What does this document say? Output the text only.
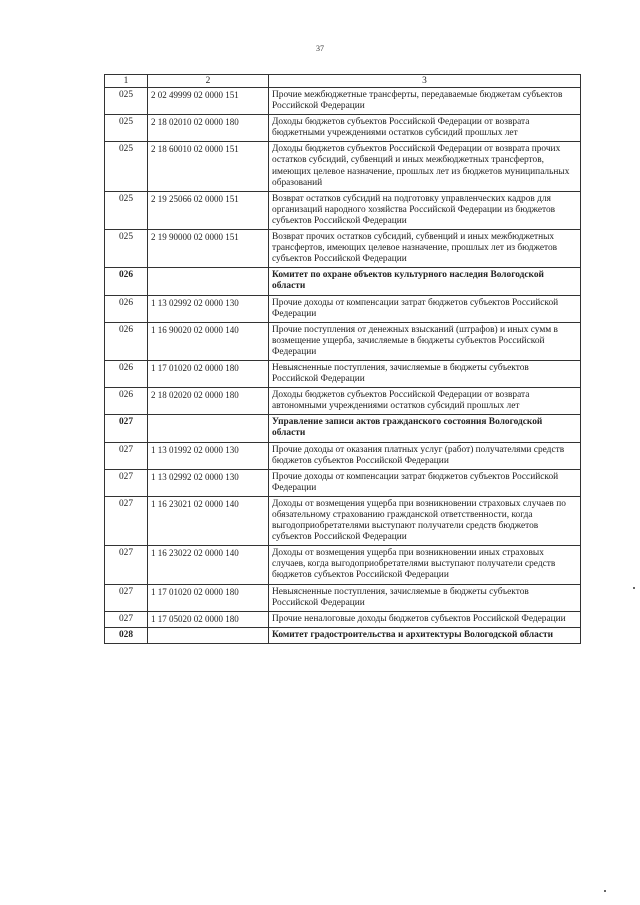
37
1	2	3
025	2 02 49999 02 0000 151	Прочие межбюджетные трансферты, передаваемые бюджетам субъектов Российской Федерации
025	2 18 02010 02 0000 180	Доходы бюджетов субъектов Российской Федерации от возврата бюджетными учреждениями остатков субсидий прошлых лет
025	2 18 60010 02 0000 151	Доходы бюджетов субъектов Российской Федерации от возврата прочих остатков субсидий, субвенций и иных межбюджетных трансфертов, имеющих целевое назначение, прошлых лет из бюджетов муниципальных образований
025	2 19 25066 02 0000 151	Возврат остатков субсидий на подготовку управленческих кадров для организаций народного хозяйства Российской Федерации из бюджетов субъектов Российской Федерации
025	2 19 90000 02 0000 151	Возврат прочих остатков субсидий, субвенций и иных межбюджетных трансфертов, имеющих целевое назначение, прошлых лет из бюджетов субъектов Российской Федерации
026		Комитет по охране объектов культурного наследия Вологодской области
026	1 13 02992 02 0000 130	Прочие доходы от компенсации затрат бюджетов субъектов Российской Федерации
026	1 16 90020 02 0000 140	Прочие поступления от денежных взысканий (штрафов) и иных сумм в возмещение ущерба, зачисляемые в бюджеты субъектов Российской Федерации
026	1 17 01020 02 0000 180	Невыясненные поступления, зачисляемые в бюджеты субъектов Российской Федерации
026	2 18 02020 02 0000 180	Доходы бюджетов субъектов Российской Федерации от возврата автономными учреждениями остатков субсидий прошлых лет
027		Управление записи актов гражданского состояния Вологодской области
027	1 13 01992 02 0000 130	Прочие доходы от оказания платных услуг (работ) получателями средств бюджетов субъектов Российской Федерации
027	1 13 02992 02 0000 130	Прочие доходы от компенсации затрат бюджетов субъектов Российской Федерации
027	1 16 23021 02 0000 140	Доходы от возмещения ущерба при возникновении страховых случаев по обязательному страхованию гражданской ответственности, когда выгодоприобретателями выступают получатели средств бюджетов субъектов Российской Федерации
027	1 16 23022 02 0000 140	Доходы от возмещения ущерба при возникновении иных страховых случаев, когда выгодоприобретателями выступают получатели средств бюджетов субъектов Российской Федерации
027	1 17 01020 02 0000 180	Невыясненные поступления, зачисляемые в бюджеты субъектов Российской Федерации
027	1 17 05020 02 0000 180	Прочие неналоговые доходы бюджетов субъектов Российской Федерации
028		Комитет градостроительства и архитектуры Вологодской области
